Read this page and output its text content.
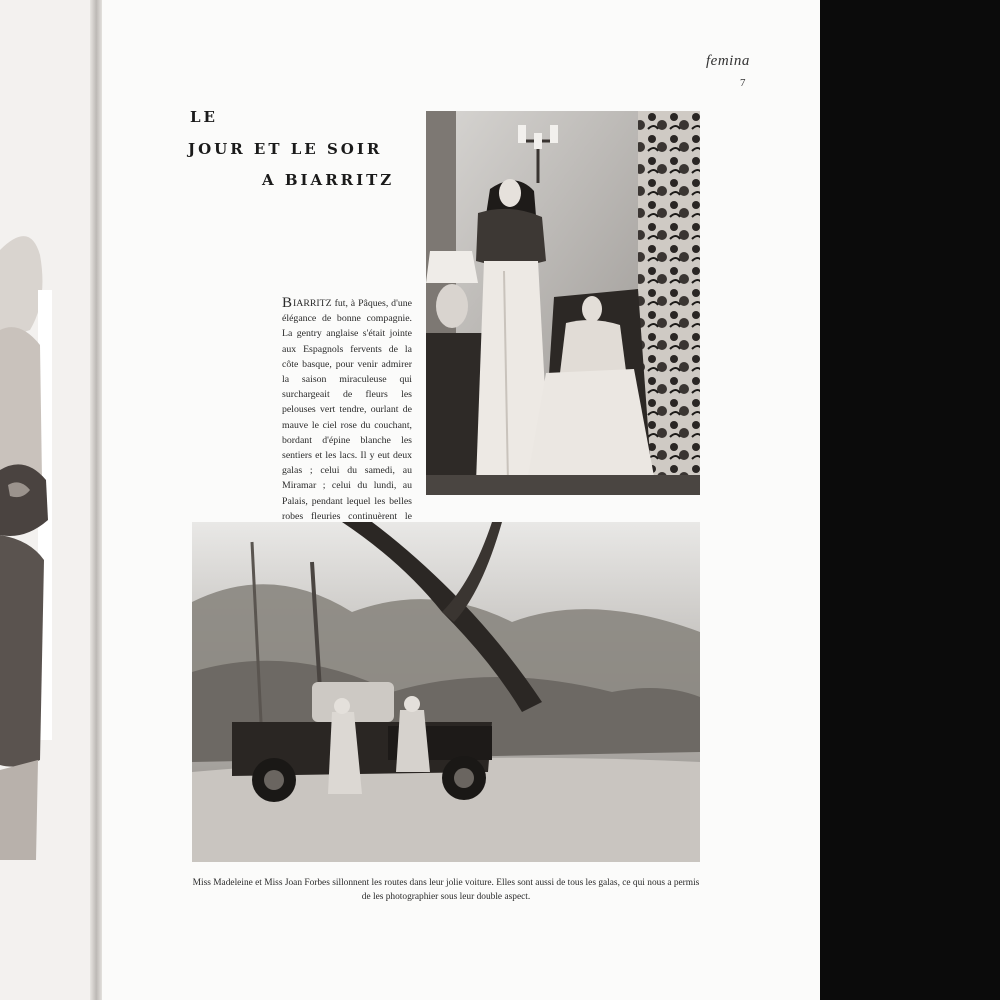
femina
7
LE
JOUR ET LE SOIR
A BIARRITZ
BIARRITZ fut, à Pâques, d'une élégance de bonne compagnie. La gentry anglaise s'était jointe aux Espagnols fervents de la côte basque, pour venir admirer la saison miraculeuse qui surchargeait de fleurs les pelouses vert tendre, ourlant de mauve le ciel rose du couchant, bordant d'épine blanche les sentiers et les lacs. Il y eut deux galas ; celui du samedi, au Miramar ; celui du lundi, au Palais, pendant lequel les belles robes fleuries continuèrent le
Miss Madeleine et Miss Joan Forbes sillonnent les routes dans leur jolie voiture. Elles sont aussi de tous les galas, ce qui nous a permis de les photographier sous leur double aspect.
